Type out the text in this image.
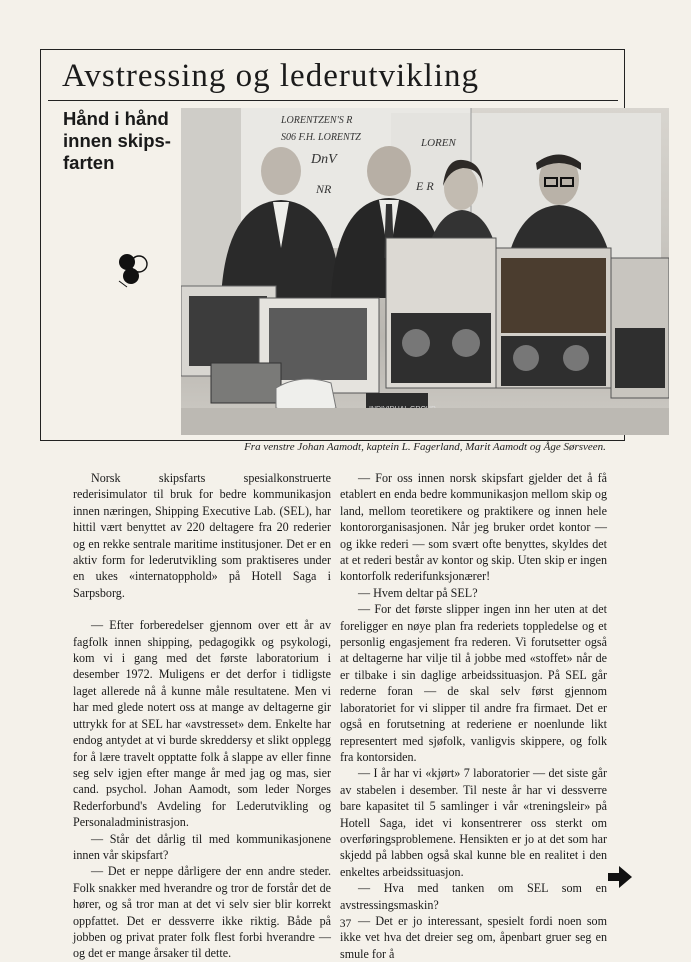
Avstressing og lederutvikling
Hånd i hånd innen skips-farten
LORENTZEN'S R
S06 F.H. LORENTZ
DnV
NR
LOREN
E R
Fra venstre Johan Aamodt, kaptein L. Fagerland, Marit Aamodt og Åge Sørsveen.

Norsk skipsfarts spesialkonstruerte rederisimulator til bruk for bedre kommunikasjon innen næringen, Shipping Executive Lab. (SEL), har hittil vært benyttet av 220 deltagere fra 20 rederier og en rekke sentrale maritime institusjoner. Det er en aktiv form for lederutvikling som praktiseres under en ukes «internatopphold» på Hotell Saga i Sarpsborg.

— Efter forberedelser gjennom over ett år av fagfolk innen shipping, pedagogikk og psykologi, kom vi i gang med det første laboratorium i desember 1972. Muligens er det derfor i tidligste laget allerede nå å kunne måle resultatene. Men vi har med glede notert oss at mange av deltagerne gir uttrykk for at SEL har «avstresset» dem. Enkelte har endog antydet at vi burde skreddersy et slikt opplegg for å lære travelt opptatte folk å slappe av eller finne seg selv igjen efter mange år med jag og mas, sier cand. psychol. Johan Aamodt, som leder Norges Rederforbund's Avdeling for Lederutvikling og Personaladministrasjon.

— Står det dårlig til med kommunikasjonene innen vår skipsfart?

— Det er neppe dårligere der enn andre steder. Folk snakker med hverandre og tror de forstår det de hører, og så tror man at det vi selv sier blir korrekt oppfattet. Det er dessverre ikke riktig. Både på jobben og privat prater folk flest forbi hverandre — og det er mange årsaker til dette.

— For oss innen norsk skipsfart gjelder det å få etablert en enda bedre kommunikasjon mellom skip og land, mellom teoretikere og praktikere og innen hele kontororganisasjonen. Når jeg bruker ordet kontor — og ikke rederi — som svært ofte benyttes, skyldes det at et rederi består av kontor og skip. Uten skip er ingen kontorfolk rederifunksjonærer!

— Hvem deltar på SEL?

— For det første slipper ingen inn her uten at det foreligger en nøye plan fra rederiets toppledelse og et personlig engasjement fra rederen. Vi forutsetter også at deltagerne har vilje til å jobbe med «stoffet» når de er tilbake i sin daglige arbeidssituasjon. På SEL går rederne foran — de skal selv først gjennom laboratoriet for vi slipper til andre fra firmaet. Det er også en forutsetning at rederiene er noenlunde likt representert med sjøfolk, vanligvis skippere, og folk fra kontorsiden.

— I år har vi «kjørt» 7 laboratorier — det siste går av stabelen i desember. Til neste år har vi dessverre bare kapasitet til 5 samlinger i vår «treningsleir» på Hotell Saga, idet vi konsentrerer oss sterkt om overføringsproblemene. Hensikten er jo at det som har skjedd på labben også skal kunne ble en realitet i den enkeltes arbeidssituasjon.

— Hva med tanken om SEL som en avstressingsmaskin?

— Det er jo interessant, spesielt fordi noen som ikke vet hva det dreier seg om, åpenbart gruer seg en smule for å

37
